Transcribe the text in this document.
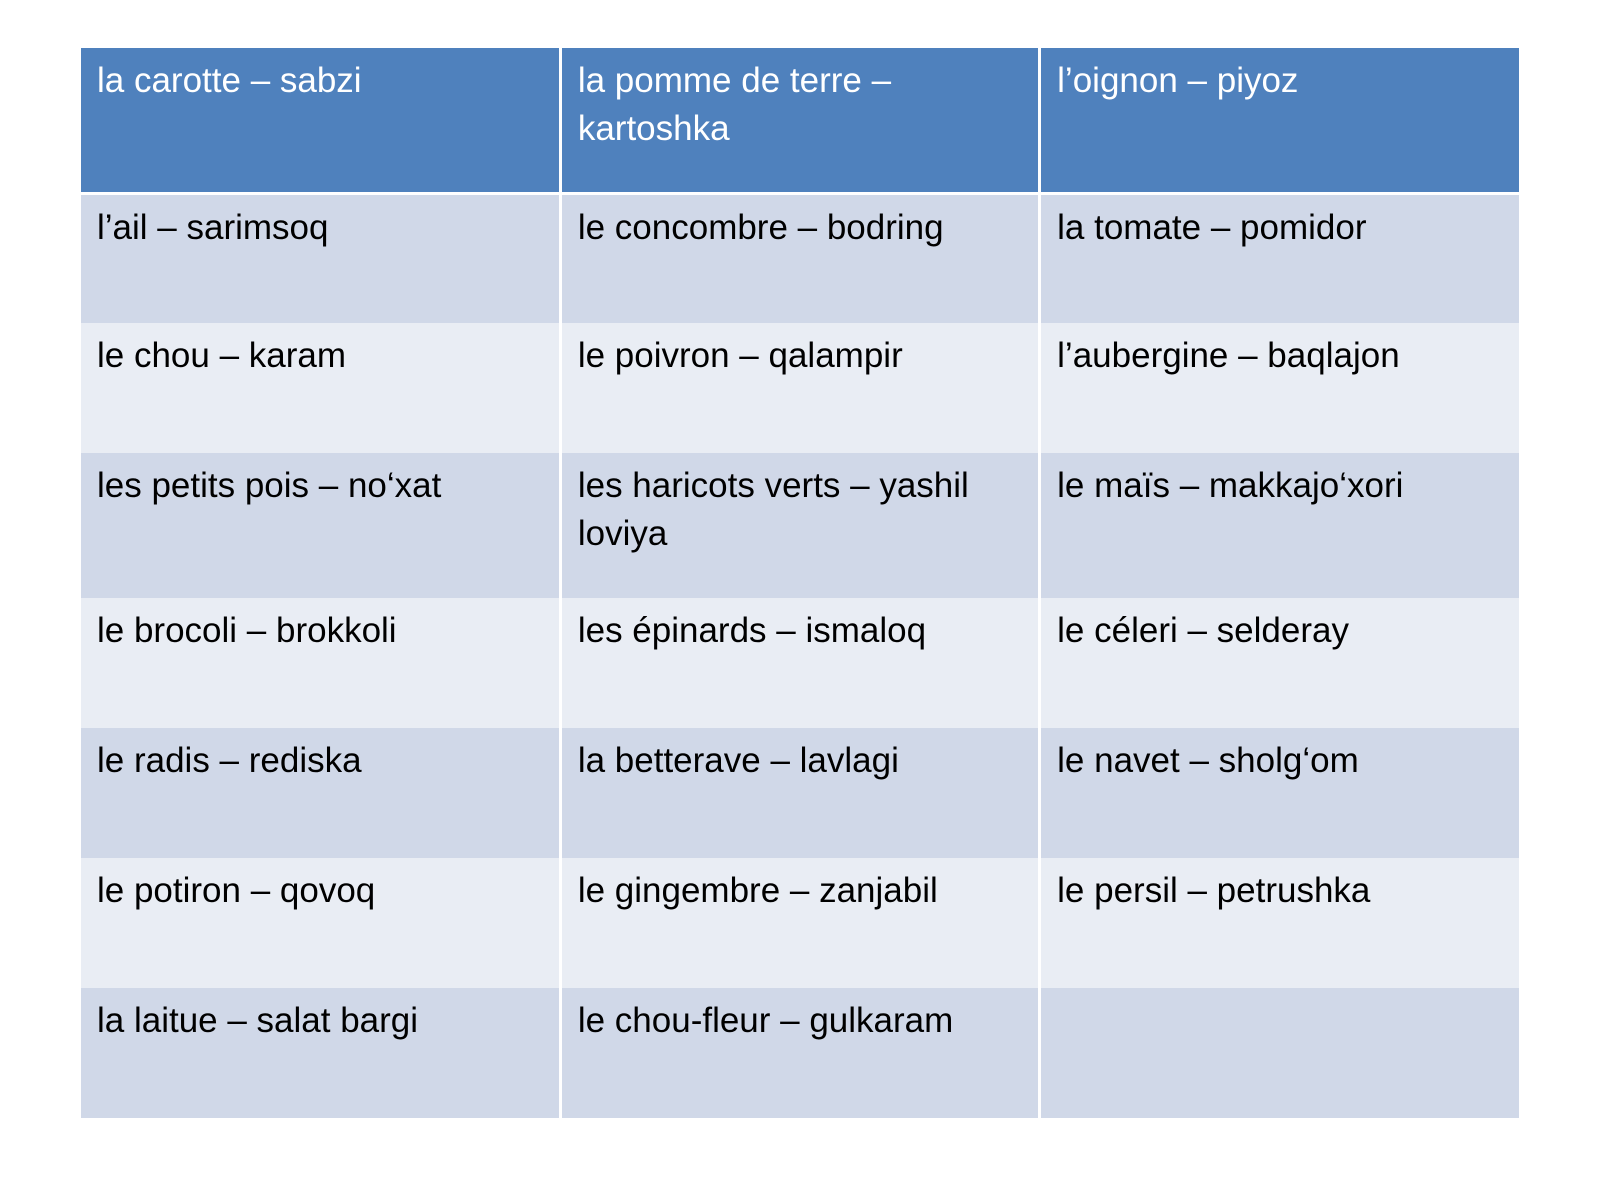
la carotte – sabzi	la pomme de terre – kartoshka	l’oignon – piyoz
l’ail – sarimsoq	le concombre – bodring	la tomate – pomidor
le chou – karam	le poivron – qalampir	l’aubergine – baqlajon
les petits pois – no‘xat	les haricots verts – yashil loviya	le maïs – makkajo‘xori
le brocoli – brokkoli	les épinards – ismaloq	le céleri – selderay
le radis – rediska	la betterave – lavlagi	le navet – sholg‘om
le potiron – qovoq	le gingembre – zanjabil	le persil – petrushka
la laitue – salat bargi	le chou-fleur – gulkaram	
